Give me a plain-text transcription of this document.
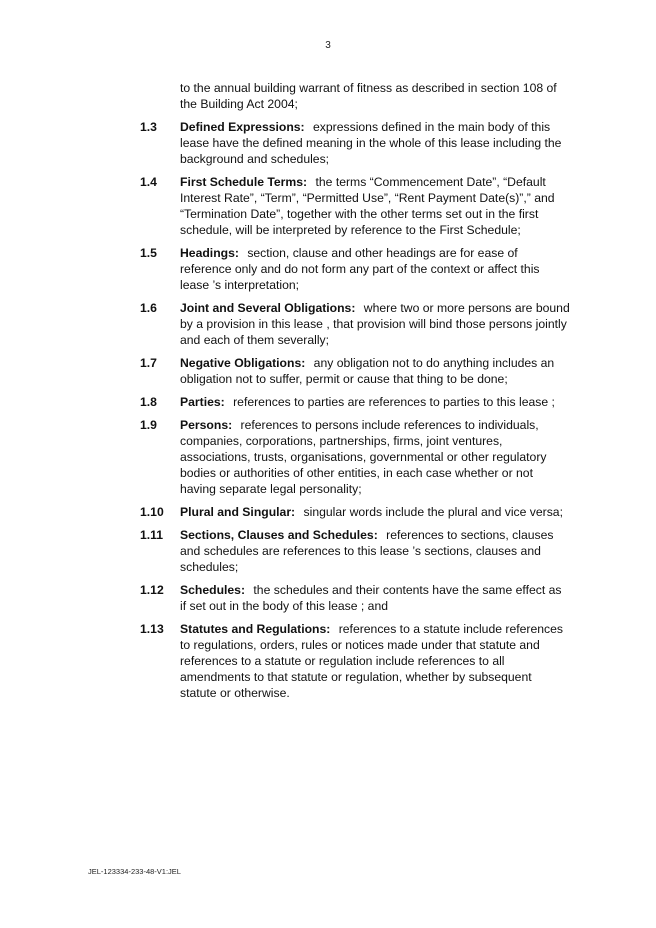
3
to the annual building warrant of fitness as described in section 108 of the Building Act 2004;
1.3	Defined Expressions: expressions defined in the main body of this lease have the defined meaning in the whole of this lease including the background and schedules;
1.4	First Schedule Terms: the terms “Commencement Date”, “Default Interest Rate”, “Term”, “Permitted Use”, “Rent Payment Date(s)”,” and “Termination Date”, together with the other terms set out in the first schedule, will be interpreted by reference to the First Schedule;
1.5	Headings: section, clause and other headings are for ease of reference only and do not form any part of the context or affect this lease ’s interpretation;
1.6	Joint and Several Obligations: where two or more persons are bound by a provision in this lease , that provision will bind those persons jointly and each of them severally;
1.7	Negative Obligations: any obligation not to do anything includes an obligation not to suffer, permit or cause that thing to be done;
1.8	Parties: references to parties are references to parties to this lease ;
1.9	Persons: references to persons include references to individuals, companies, corporations, partnerships, firms, joint ventures, associations, trusts, organisations, governmental or other regulatory bodies or authorities of other entities, in each case whether or not having separate legal personality;
1.10	Plural and Singular: singular words include the plural and vice versa;
1.11	Sections, Clauses and Schedules: references to sections, clauses and schedules are references to this lease ’s sections, clauses and schedules;
1.12	Schedules: the schedules and their contents have the same effect as if set out in the body of this lease ; and
1.13	Statutes and Regulations: references to a statute include references to regulations, orders, rules or notices made under that statute and references to a statute or regulation include references to all amendments to that statute or regulation, whether by subsequent statute or otherwise.
JEL-123334-233-48-V1:JEL
